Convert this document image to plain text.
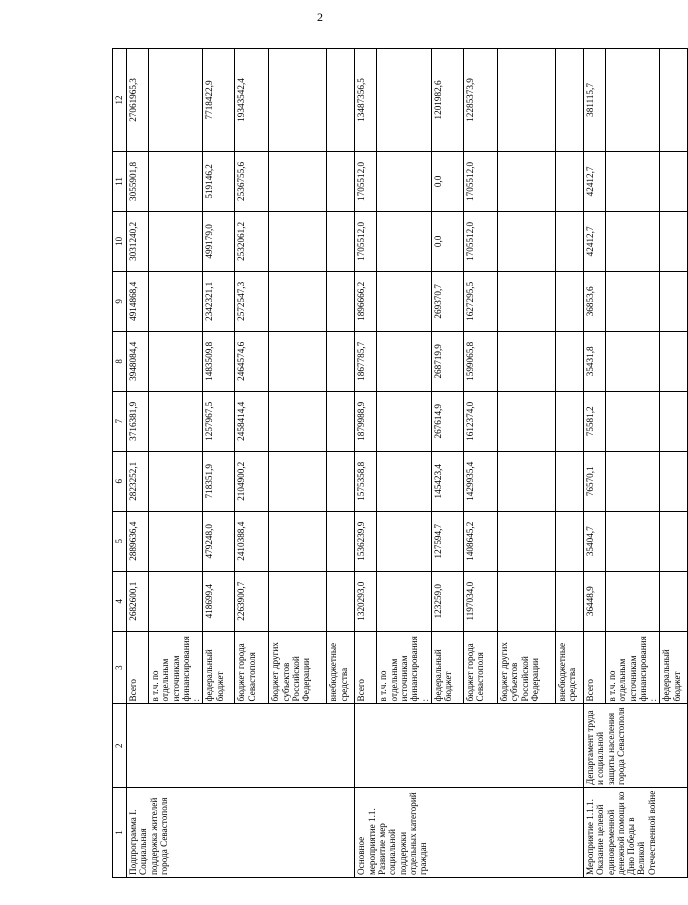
2
1	2	3	4	5	6	7	8	9	10	11	12
Подпрограмма I. Социальная поддержка жителей города Севастополя		Всего	2682600,1	2889636,4	2823252,1	3716381,9	3948084,4	4914868,4	3031240,2	3055901,8	27061965,3
		в т.ч. по отдельным источникам финансирования:									
		федеральный бюджет	418699,4	479248,0	718351,9	1257967,5	1483509,8	2342321,1	499179,0	519146,2	7718422,9
		бюджет города Севастополя	2263900,7	2410388,4	2104900,2	2458414,4	2464574,6	2572547,3	2532061,2	2536755,6	19343542,4
		бюджет других субъектов Российской Федерации									
		внебюджетные средства									
Основное мероприятие 1.1. Развитие мер социальной поддержки отдельных категорий граждан		Всего	1320293,0	1536239,9	1575358,8	1879988,9	1867785,7	1896666,2	1705512,0	1705512,0	13487356,5
		в т.ч. по отдельным источникам финансирования:									
		федеральный бюджет	123259,0	127594,7	145423,4	267614,9	268719,9	269370,7	0,0	0,0	1201982,6
		бюджет города Севастополя	1197034,0	1408645,2	1429935,4	1612374,0	1599065,8	1627295,5	1705512,0	1705512,0	12285373,9
		бюджет других субъектов Российской Федерации									
		внебюджетные средства									
Мероприятие 1.1.1. Оказание целевой единовременной денежной помощи ко Дню Победы в Великой Отечественной войне	Департамент труда и социальной защиты населения города Севастополя	Всего	36448,9	35404,7	76570,1	75581,2	35431,8	36853,6	42412,7	42412,7	381115,7
		в т.ч. по отдельным источникам финансирования:									
		федеральный бюджет									
